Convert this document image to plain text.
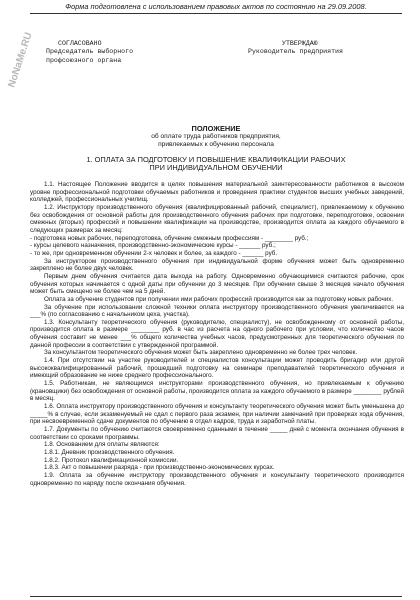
NoNaMe.RU
Форма подготовлена с использованием правовых актов по состоянию на 29.09.2008.
СОГЛАСОВАНО
Председатель выборного
профсоюзного органа
УТВЕРЖДАЮ
Руководитель предприятия
ПОЛОЖЕНИЕ
об оплате труда работников предприятия,
привлекаемых к обучению персонала
1. ОПЛАТА ЗА ПОДГОТОВКУ И ПОВЫШЕНИЕ КВАЛИФИКАЦИИ РАБОЧИХ
ПРИ ИНДИВИДУАЛЬНОМ ОБУЧЕНИИ

1.1. Настоящее Положение вводится в целях повышения материальной заинтересованности работников в высоком уровне профессиональной подготовки обучаемых работников и проведения практики студентов высших учебных заведений, колледжей, профессиональных училищ.

1.2. Инструктору производственного обучения (квалифицированный рабочий, специалист), привлекаемому к обучению без освобождения от основной работы для производственного обучения рабочих при подготовке, переподготовке, освоении смежных (вторых) профессий и повышении квалификации на производстве, производится оплата за каждого обучаемого в следующих размерах за месяц:

- подготовка новых рабочих, переподготовка, обучение смежным профессиям - ________ руб.;

- курсы целевого назначения, производственно-экономические курсы - ______ руб.;

- то же, при одновременном обучении 2-х человек и более, за каждого - ______ руб.

За инструктором производственного обучения при индивидуальной форме обучения может быть одновременно закреплено не более двух человек.

Первым днем обучения считается дата выхода на работу. Одновременно обучающимися считаются рабочие, срок обучения которых начинается с одной даты при обучении до 3 месяцев. При обучении свыше 3 месяцев начало обучения может быть смещено не более чем на 5 дней.

Оплата за обучение студентов при получении ими рабочих профессий производится как за подготовку новых рабочих.

За обучение при использовании сложной техники оплата инструктору производственного обучения увеличивается на ___% (по согласованию с начальником цеха, участка).

1.3. Консультанту теоретического обучения (руководителю, специалисту), не освобожденному от основной работы, производится оплата в размере ________ руб. в час из расчета на одного рабочего при условии, что количество часов обучения составит не менее ___% общего количества учебных часов, предусмотренных для теоретического обучения по данной профессии в соответствии с утвержденной программой.

За консультантом теоретического обучения может быть закреплено одновременно не более трех человек.

1.4. При отсутствии на участке руководителей и специалистов консультации может проводить бригадир или другой высококвалифицированный рабочий, прошедший подготовку на семинаре преподавателей теоретического обучения и имеющий образование не ниже среднего профессионального.

1.5. Работникам, не являющимся инструкторами производственного обучения, но привлекаемым к обучению (крановщики) без освобождения от основной работы, производится оплата за каждого обучаемого в размере ________ рублей в месяц.

1.6. Оплата инструктору производственного обучения и консультанту теоретического обучения может быть уменьшена до _____% в случае, если экзаменуемый не сдал с первого раза экзамен, при наличии замечаний при проверках хода обучения, при несвоевременной сдаче документов по обучению в отдел кадров, труда и заработной платы.

1.7. Документы по обучению считаются своевременно сданными в течение _____ дней с момента окончания обучения в соответствии со сроками программы.

1.8. Основанием для оплаты являются:

1.8.1. Дневник производственного обучения.

1.8.2. Протокол квалификационной комиссии.

1.8.3. Акт о повышении разряда - при производственно-экономических курсах.

1.9. Оплата за обучение инструктору производственного обучения и консультанту теоретического производится одновременно по наряду после окончания обучения.
